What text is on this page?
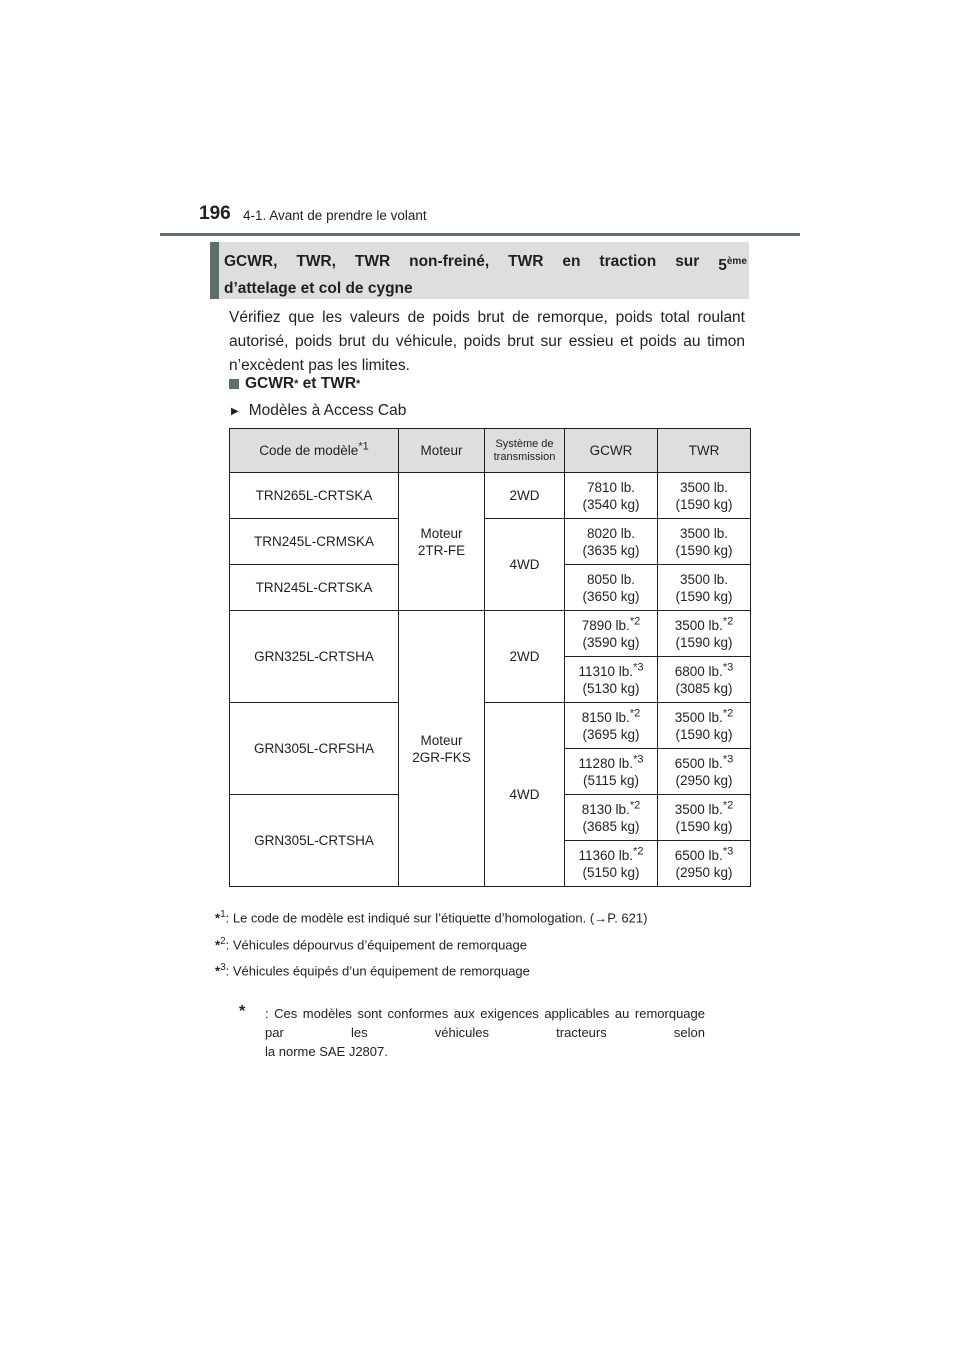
196 4-1. Avant de prendre le volant
GCWR, TWR, TWR non-freiné, TWR en traction sur 5ème
d’attelage et col de cygne
Vérifiez que les valeurs de poids brut de remorque, poids total roulant autorisé, poids brut du véhicule, poids brut sur essieu et poids au timon n’excèdent pas les limites.
GCWR * et TWR *
▶ Modèles à Access Cab
Code de modèle$^{*1}$	Moteur	Système de
transmission	GCWR	TWR
TRN265L-CRTSKA	Moteur
2TR-FE	2WD	7810 lb.
(3540 kg)	3500 lb.
(1590 kg)

TRN245L-CRMSKA		4WD	8020 lb.
(3635 kg)	3500 lb.
(1590 kg)

TRN245L-CRTSKA			8050 lb.
(3650 kg)	3500 lb.
(1590 kg)

GRN325L-CRTSHA	Moteur
2GR-FKS	2WD	7890 lb.$^{*2}$
(3590 kg)	3500 lb.$^{*2}$
(1590 kg)

			11310 lb.$^{*3}$
(5130 kg)	6800 lb.$^{*3}$
(3085 kg)

GRN305L-CRFSHA		4WD	8150 lb.$^{*2}$
(3695 kg)	3500 lb.$^{*2}$
(1590 kg)

			11280 lb.$^{*3}$
(5115 kg)	6500 lb.$^{*3}$
(2950 kg)

GRN305L-CRTSHA			8130 lb.$^{*2}$
(3685 kg)	3500 lb.$^{*2}$
(1590 kg)

			11360 lb.$^{*2}$
(5150 kg)	6500 lb.$^{*3}$
(2950 kg)
*$^1$: Le code de modèle est indiqué sur l’étiquette d’homologation. (→P. 621)
*$^2$: Véhicules dépourvus d’équipement de remorquage
*$^3$: Véhicules équipés d’un équipement de remorquage
* : Ces modèles sont conformes aux exigences applicables au remorquage par les véhicules tracteurs selon
la norme SAE J2807.
